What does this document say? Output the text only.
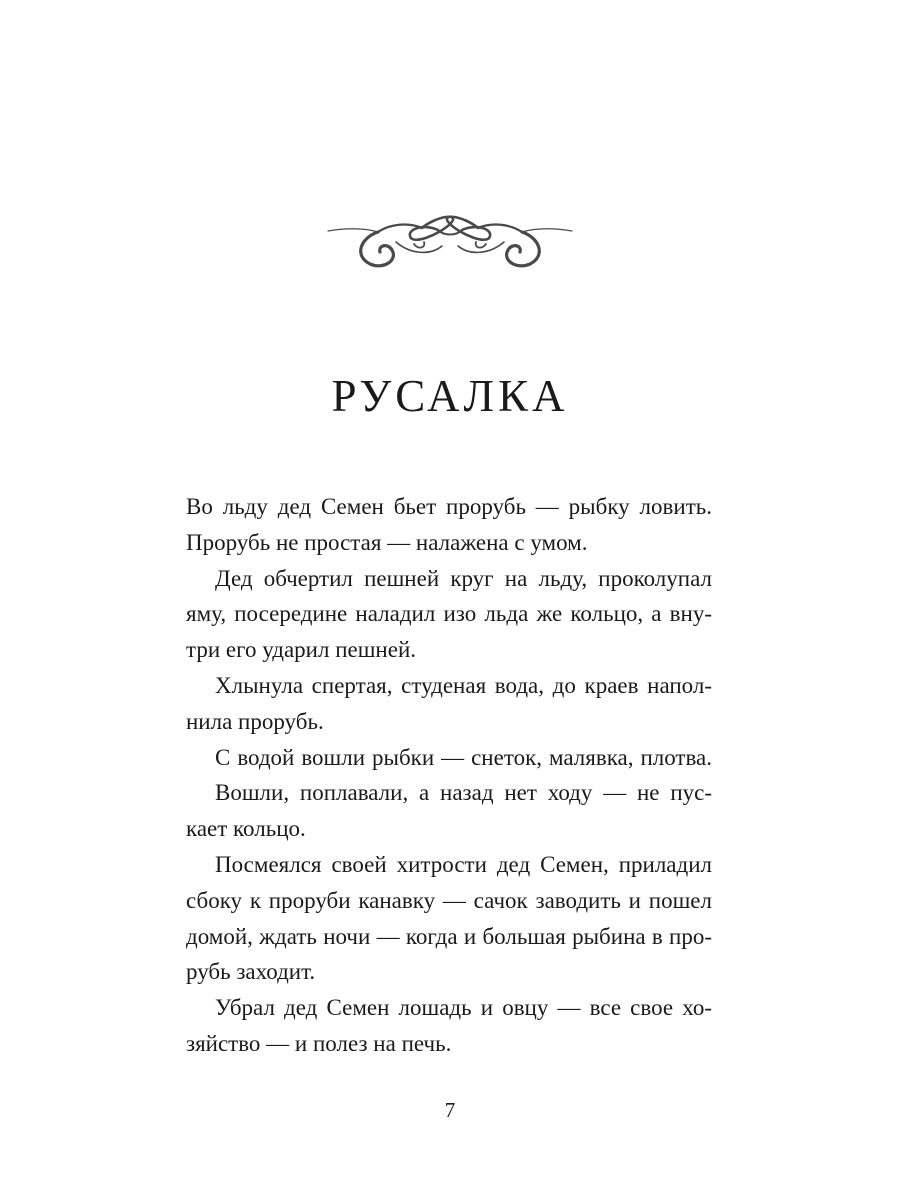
РУСАЛКА
Во льду дед Семен бьет прорубь — рыбку ловить.
Прорубь не простая — налажена с умом.
Дед обчертил пешней круг на льду, проколупал
яму, посередине наладил изо льда же кольцо, а вну-
три его ударил пешней.
Хлынула спертая, студеная вода, до краев напол-
нила прорубь.
С водой вошли рыбки — снеток, малявка, плотва.
Вошли, поплавали, а назад нет ходу — не пус-
кает кольцо.
Посмеялся своей хитрости дед Семен, приладил
сбоку к проруби канавку — сачок заводить и пошел
домой, ждать ночи — когда и большая рыбина в про-
рубь заходит.
Убрал дед Семен лошадь и овцу — все свое хо-
зяйство — и полез на печь.
7
